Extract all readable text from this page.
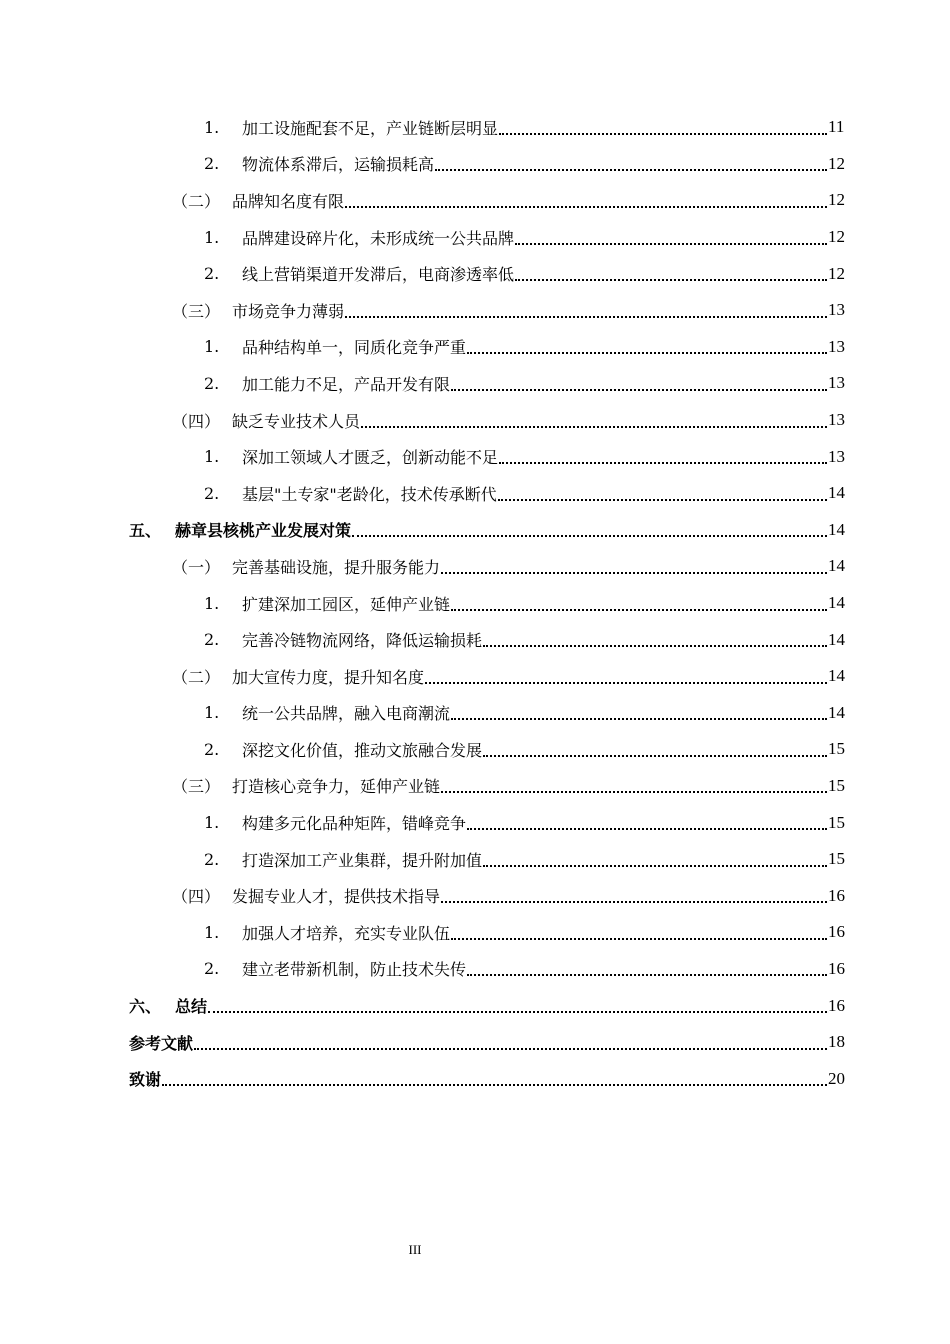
1.	加工设施配套不足，产业链断层明显	11
2.	物流体系滞后，运输损耗高	12
（二） 品牌知名度有限	12
1.	品牌建设碎片化，未形成统一公共品牌	12
2.	线上营销渠道开发滞后，电商渗透率低	12
（三） 市场竞争力薄弱	13
1.	品种结构单一，同质化竞争严重	13
2.	加工能力不足，产品开发有限	13
（四） 缺乏专业技术人员	13
1.	深加工领域人才匮乏，创新动能不足	13
2.	基层"土专家"老龄化，技术传承断代	14
五、 赫章县核桃产业发展对策	14
（一） 完善基础设施，提升服务能力	14
1.	扩建深加工园区，延伸产业链	14
2.	完善冷链物流网络，降低运输损耗	14
（二） 加大宣传力度，提升知名度	14
1.	统一公共品牌，融入电商潮流	14
2.	深挖文化价值，推动文旅融合发展	15
（三） 打造核心竞争力，延伸产业链	15
1.	构建多元化品种矩阵，错峰竞争	15
2.	打造深加工产业集群，提升附加值	15
（四） 发掘专业人才，提供技术指导	16
1.	加强人才培养，充实专业队伍	16
2.	建立老带新机制，防止技术失传	16
六、 总结	16
参考文献	18
致谢	20
III
